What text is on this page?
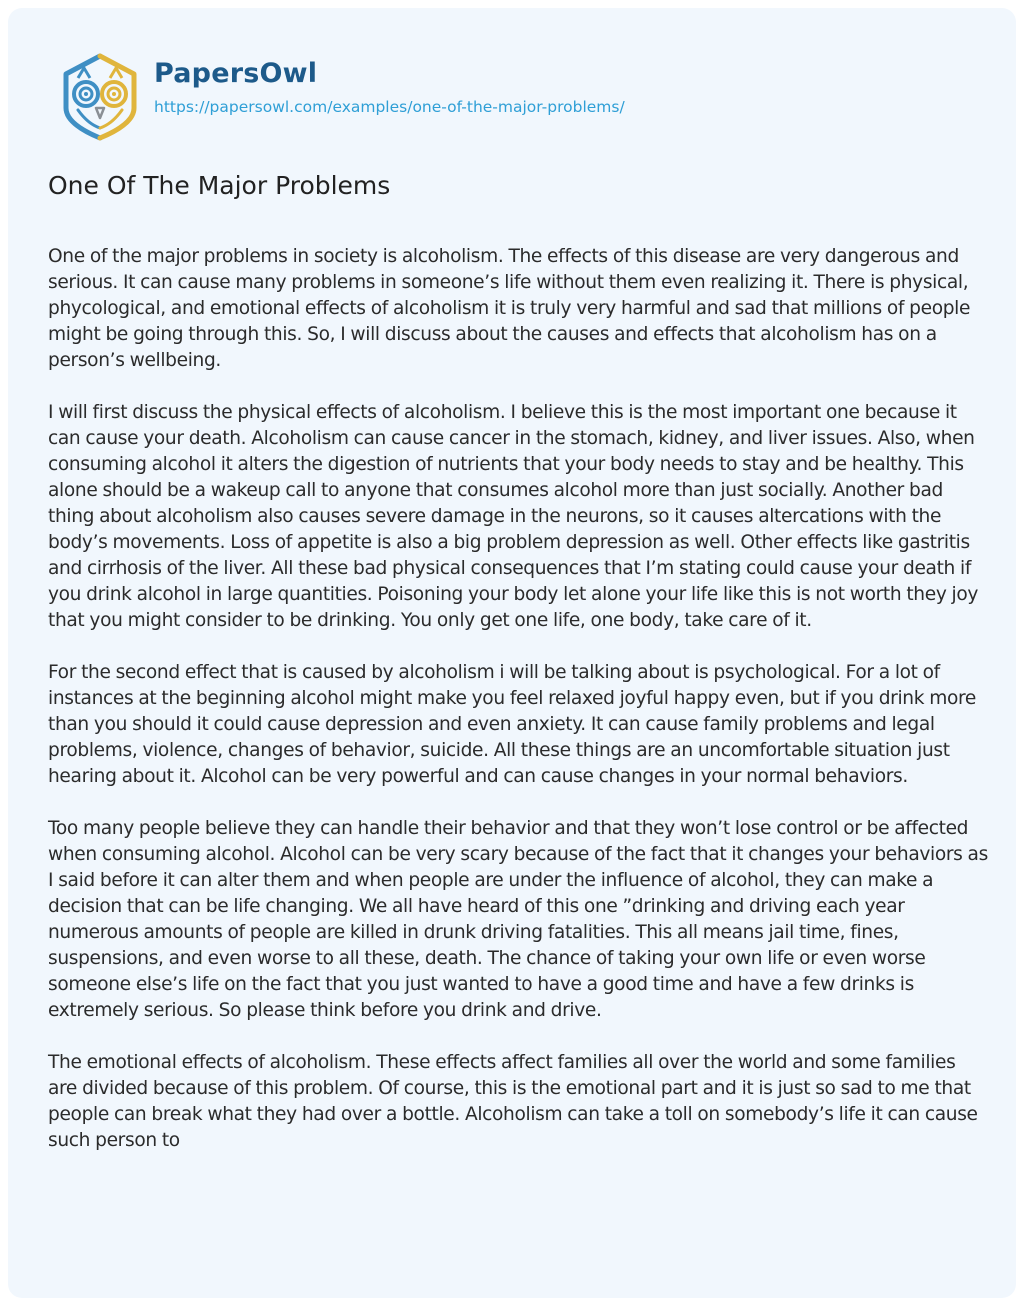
PapersOwl
https://papersowl.com/examples/one-of-the-major-problems/
One Of The Major Problems

One of the major problems in society is alcoholism. The effects of this disease are very dangerous and serious. It can cause many problems in someone’s life without them even realizing it. There is physical, phycological, and emotional effects of alcoholism it is truly very harmful and sad that millions of people might be going through this. So, I will discuss about the causes and effects that alcoholism has on a person’s wellbeing.

I will first discuss the physical effects of alcoholism. I believe this is the most important one because it can cause your death. Alcoholism can cause cancer in the stomach, kidney, and liver issues. Also, when consuming alcohol it alters the digestion of nutrients that your body needs to stay and be healthy. This alone should be a wakeup call to anyone that consumes alcohol more than just socially. Another bad thing about alcoholism also causes severe damage in the neurons, so it causes altercations with the body’s movements. Loss of appetite is also a big problem depression as well. Other effects like gastritis and cirrhosis of the liver. All these bad physical consequences that I’m stating could cause your death if you drink alcohol in large quantities. Poisoning your body let alone your life like this is not worth they joy that you might consider to be drinking. You only get one life, one body, take care of it.

For the second effect that is caused by alcoholism i will be talking about is psychological. For a lot of instances at the beginning alcohol might make you feel relaxed joyful happy even, but if you drink more than you should it could cause depression and even anxiety. It can cause family problems and legal problems, violence, changes of behavior, suicide. All these things are an uncomfortable situation just hearing about it. Alcohol can be very powerful and can cause changes in your normal behaviors.

Too many people believe they can handle their behavior and that they won’t lose control or be affected when consuming alcohol. Alcohol can be very scary because of the fact that it changes your behaviors as I said before it can alter them and when people are under the influence of alcohol, they can make a decision that can be life changing. We all have heard of this one ”drinking and driving each year numerous amounts of people are killed in drunk driving fatalities. This all means jail time, fines, suspensions, and even worse to all these, death. The chance of taking your own life or even worse someone else’s life on the fact that you just wanted to have a good time and have a few drinks is extremely serious. So please think before you drink and drive.

The emotional effects of alcoholism. These effects affect families all over the world and some families are divided because of this problem. Of course, this is the emotional part and it is just so sad to me that people can break what they had over a bottle. Alcoholism can take a toll on somebody’s life it can cause such person to
